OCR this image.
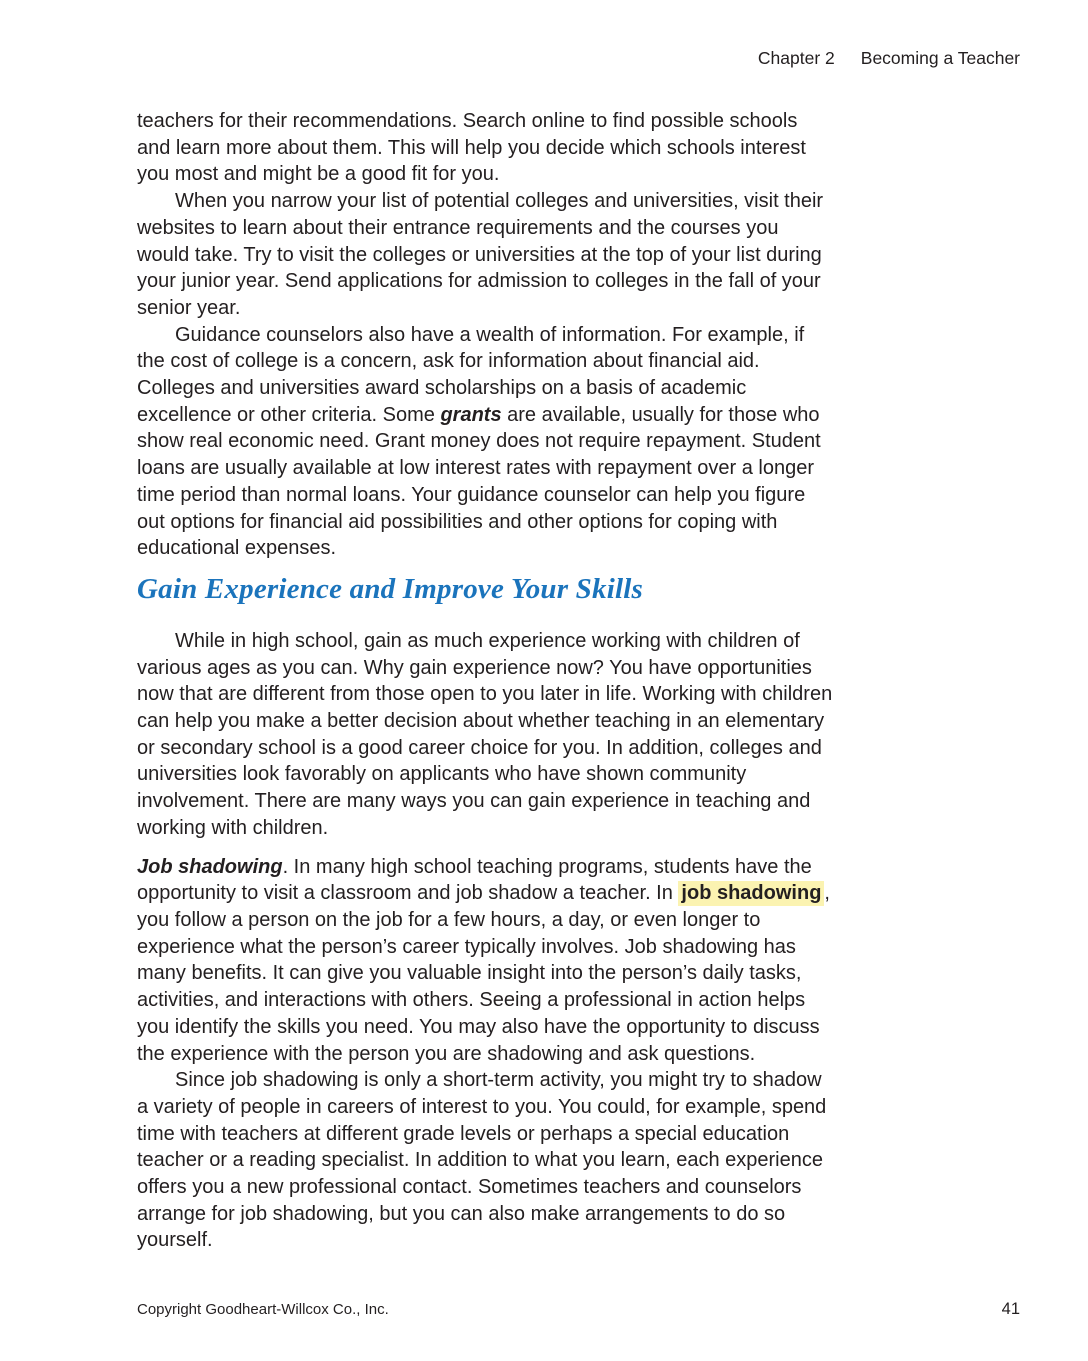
Chapter 2 Becoming a Teacher

teachers for their recommendations. Search online to find possible schools and learn more about them. This will help you decide which schools interest you most and might be a good fit for you.

When you narrow your list of potential colleges and universities, visit their websites to learn about their entrance requirements and the courses you would take. Try to visit the colleges or universities at the top of your list during your junior year. Send applications for admission to colleges in the fall of your senior year.

Guidance counselors also have a wealth of information. For example, if the cost of college is a concern, ask for information about financial aid. Colleges and universities award scholarships on a basis of academic excellence or other criteria. Some grants are available, usually for those who show real economic need. Grant money does not require repayment. Student loans are usually available at low interest rates with repayment over a longer time period than normal loans. Your guidance counselor can help you figure out options for financial aid possibilities and other options for coping with educational expenses.

Gain Experience and Improve Your Skills

While in high school, gain as much experience working with children of various ages as you can. Why gain experience now? You have opportunities now that are different from those open to you later in life. Working with children can help you make a better decision about whether teaching in an elementary or secondary school is a good career choice for you. In addition, colleges and universities look favorably on applicants who have shown community involvement. There are many ways you can gain experience in teaching and working with children.

Job shadowing. In many high school teaching programs, students have the opportunity to visit a classroom and job shadow a teacher. In job shadowing , you follow a person on the job for a few hours, a day, or even longer to experience what the person’s career typically involves. Job shadowing has many benefits. It can give you valuable insight into the person’s daily tasks, activities, and interactions with others. Seeing a professional in action helps you identify the skills you need. You may also have the opportunity to discuss the experience with the person you are shadowing and ask questions.

Since job shadowing is only a short-term activity, you might try to shadow a variety of people in careers of interest to you. You could, for example, spend time with teachers at different grade levels or perhaps a special education teacher or a reading specialist. In addition to what you learn, each experience offers you a new professional contact. Sometimes teachers and counselors arrange for job shadowing, but you can also make arrangements to do so yourself.

Copyright Goodheart-Willcox Co., Inc.	41
